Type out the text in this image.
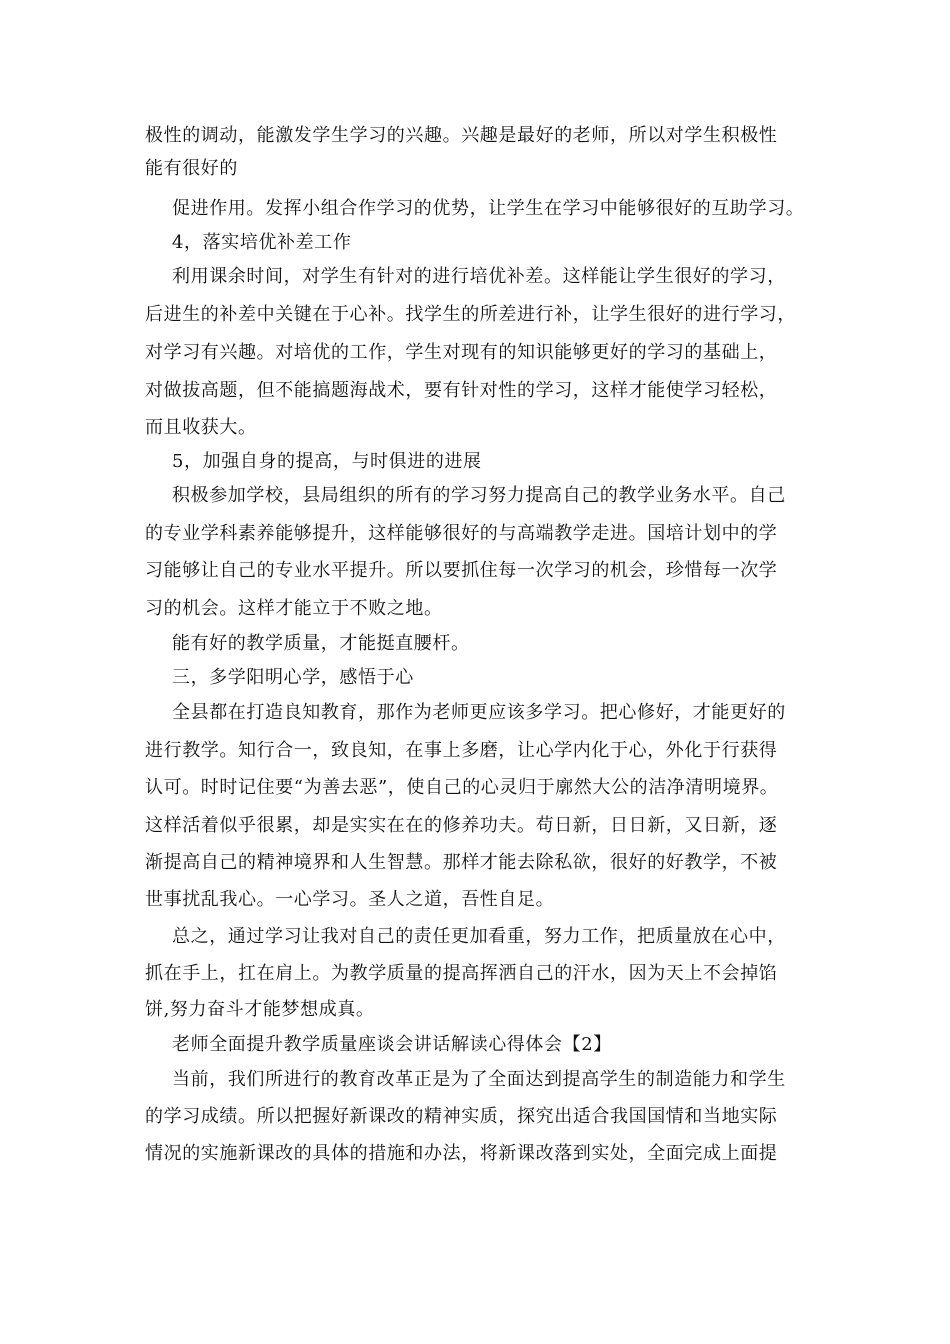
极性的调动，能激发学生学习的兴趣。兴趣是最好的老师，所以对学生积极性
能有很好的
促进作用。发挥小组合作学习的优势，让学生在学习中能够很好的互助学习。
4，落实培优补差工作
利用课余时间，对学生有针对的进行培优补差。这样能让学生很好的学习，
后进生的补差中关键在于心补。找学生的所差进行补，让学生很好的进行学习，
对学习有兴趣。对培优的工作，学生对现有的知识能够更好的学习的基础上，
对做拔高题，但不能搞题海战术，要有针对性的学习，这样才能使学习轻松，
而且收获大。
5，加强自身的提高，与时俱进的进展
积极参加学校，县局组织的所有的学习努力提高自己的教学业务水平。自己
的专业学科素养能够提升，这样能够很好的与高端教学走进。国培计划中的学
习能够让自己的专业水平提升。所以要抓住每一次学习的机会，珍惜每一次学
习的机会。这样才能立于不败之地。
能有好的教学质量，才能挺直腰杆。
三，多学阳明心学，感悟于心
全县都在打造良知教育，那作为老师更应该多学习。把心修好，才能更好的
进行教学。知行合一，致良知，在事上多磨，让心学内化于心，外化于行获得
认可。时时记住要“为善去恶”，使自己的心灵归于廓然大公的洁净清明境界。
这样活着似乎很累，却是实实在在的修养功夫。苟日新，日日新，又日新，逐
渐提高自己的精神境界和人生智慧。那样才能去除私欲，很好的好教学，不被
世事扰乱我心。一心学习。圣人之道，吾性自足。
总之，通过学习让我对自己的责任更加看重，努力工作，把质量放在心中，
抓在手上，扛在肩上。为教学质量的提高挥洒自己的汗水，因为天上不会掉馅
饼,努力奋斗才能梦想成真。
老师全面提升教学质量座谈会讲话解读心得体会【2】
当前，我们所进行的教育改革正是为了全面达到提高学生的制造能力和学生
的学习成绩。所以把握好新课改的精神实质，探究出适合我国国情和当地实际
情况的实施新课改的具体的措施和办法，将新课改落到实处，全面完成上面提
